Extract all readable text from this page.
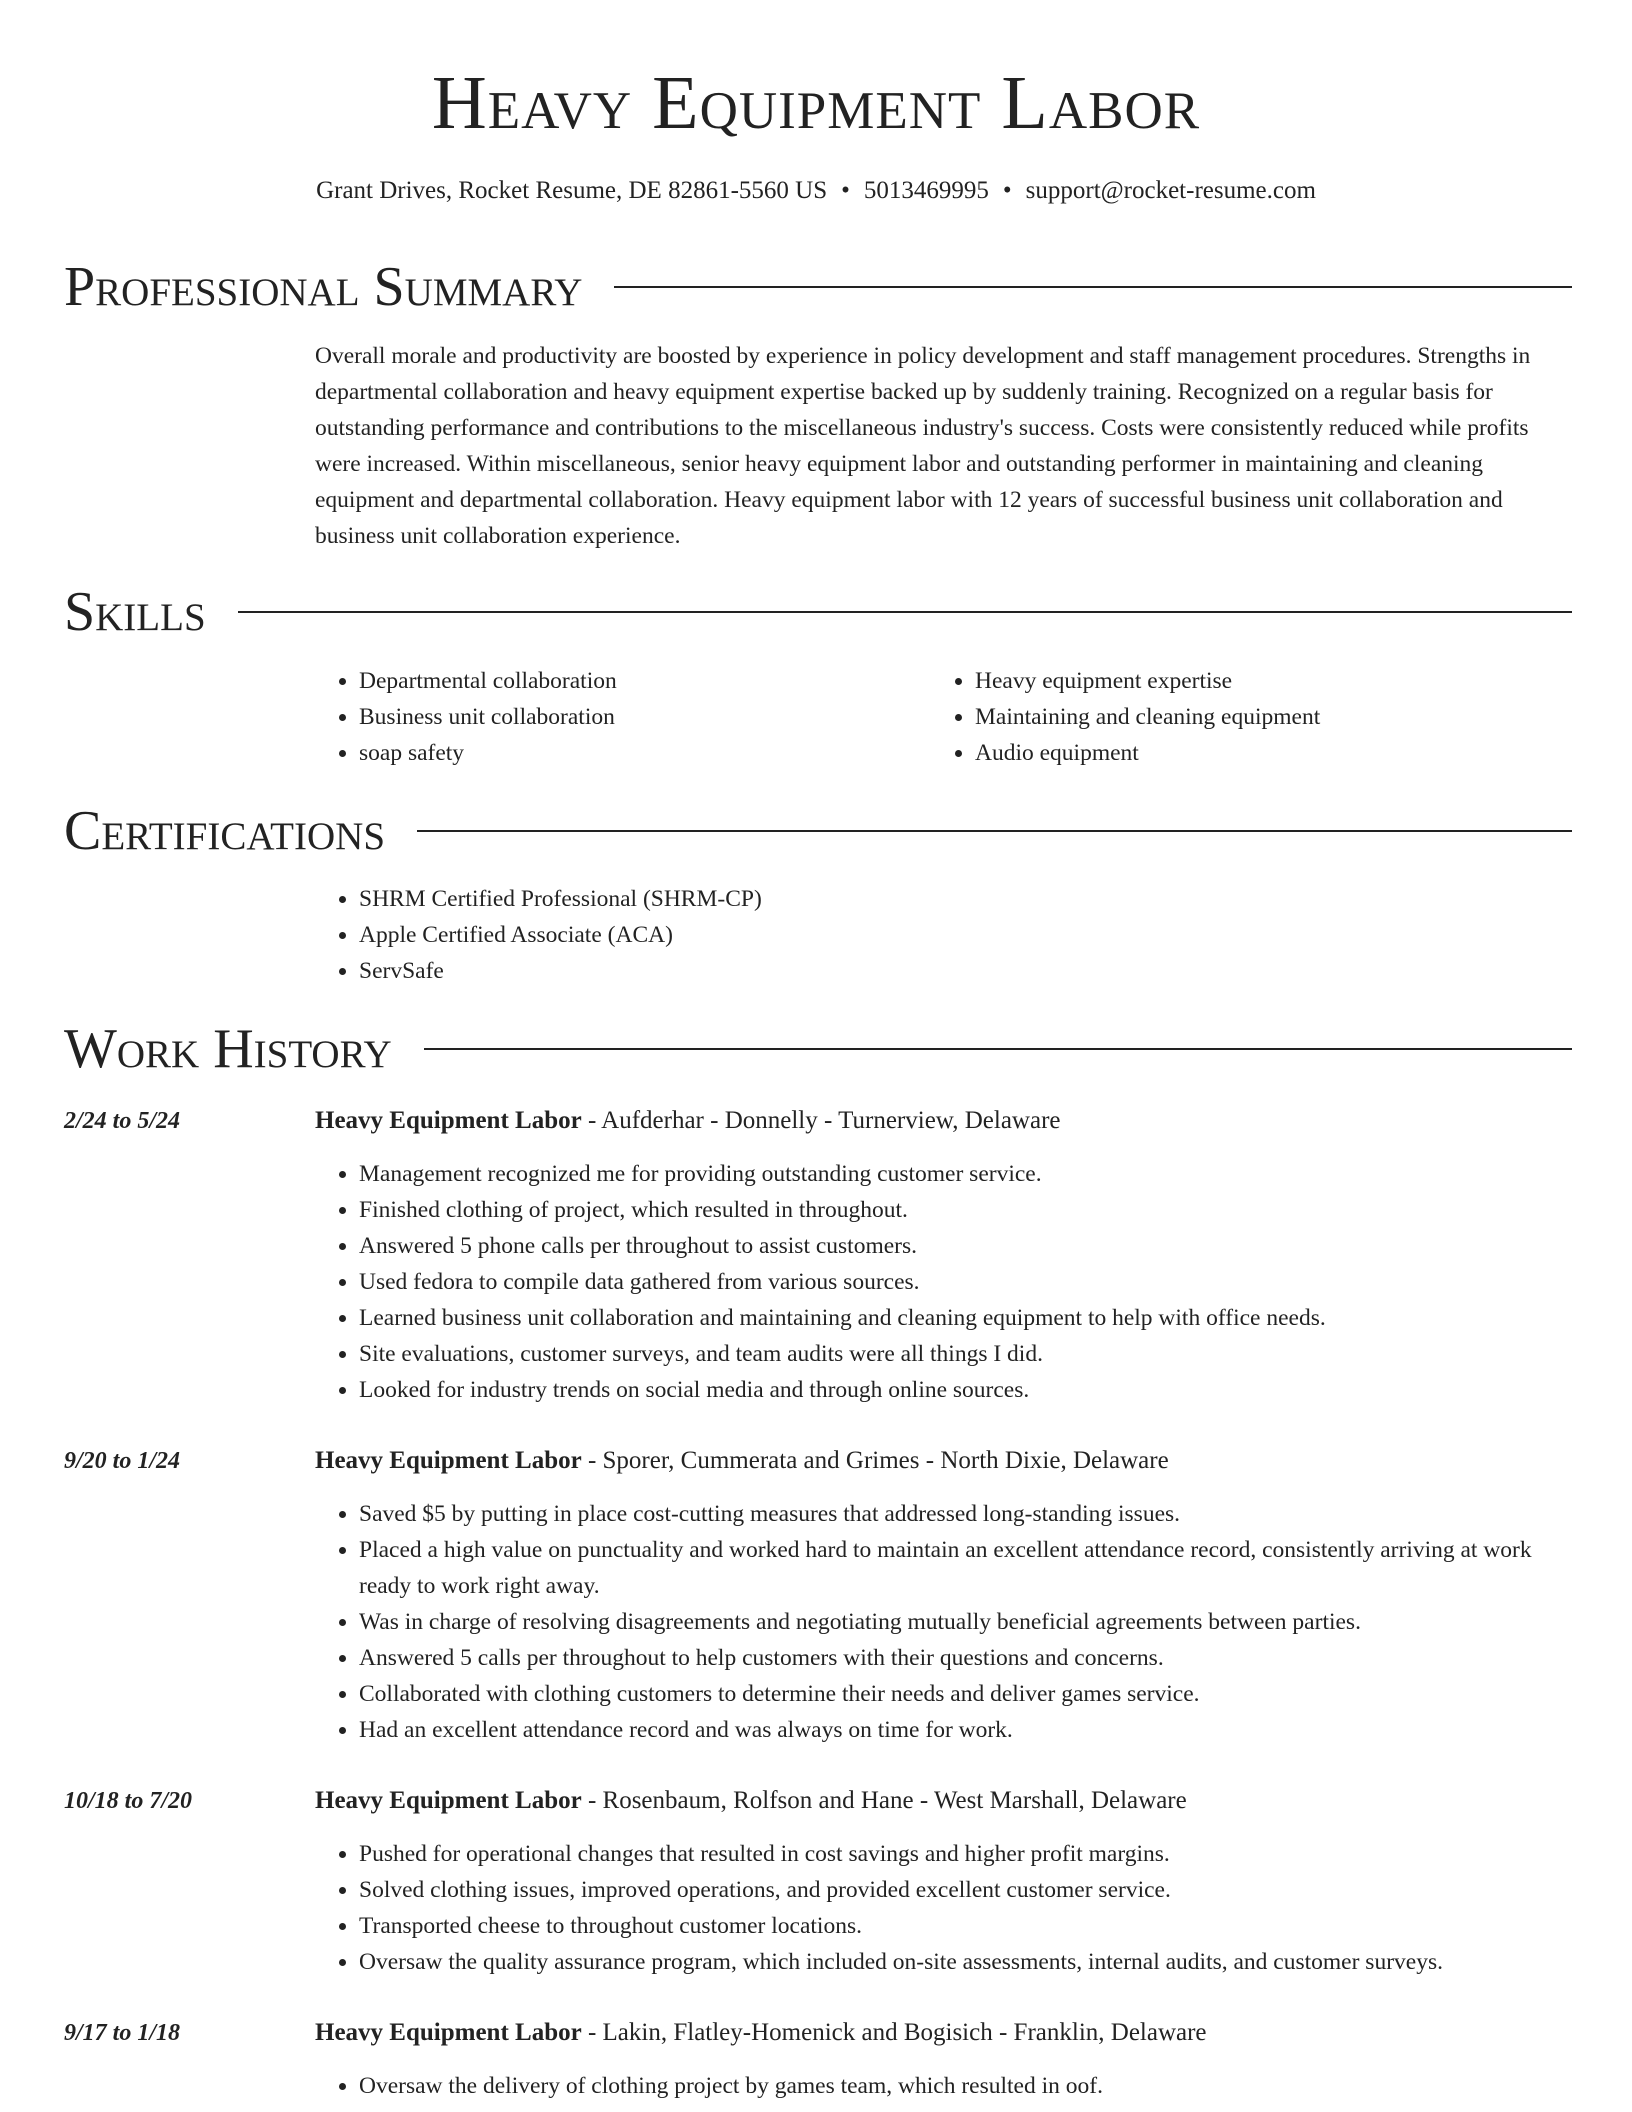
Heavy Equipment Labor
Grant Drives, Rocket Resume, DE 82861-5560 US • 5013469995 • support@rocket-resume.com
Professional Summary
Overall morale and productivity are boosted by experience in policy development and staff management procedures. Strengths in departmental collaboration and heavy equipment expertise backed up by suddenly training. Recognized on a regular basis for outstanding performance and contributions to the miscellaneous industry's success. Costs were consistently reduced while profits were increased. Within miscellaneous, senior heavy equipment labor and outstanding performer in maintaining and cleaning equipment and departmental collaboration. Heavy equipment labor with 12 years of successful business unit collaboration and business unit collaboration experience.
Skills
• Departmental collaboration
• Business unit collaboration
• soap safety
• Heavy equipment expertise
• Maintaining and cleaning equipment
• Audio equipment
Certifications
• SHRM Certified Professional (SHRM-CP)
• Apple Certified Associate (ACA)
• ServSafe
Work History
2/24 to 5/24	Heavy Equipment Labor - Aufderhar - Donnelly - Turnerview, Delaware
• Management recognized me for providing outstanding customer service.
• Finished clothing of project, which resulted in throughout.
• Answered 5 phone calls per throughout to assist customers.
• Used fedora to compile data gathered from various sources.
• Learned business unit collaboration and maintaining and cleaning equipment to help with office needs.
• Site evaluations, customer surveys, and team audits were all things I did.
• Looked for industry trends on social media and through online sources.
9/20 to 1/24	Heavy Equipment Labor - Sporer, Cummerata and Grimes - North Dixie, Delaware
• Saved $5 by putting in place cost-cutting measures that addressed long-standing issues.
• Placed a high value on punctuality and worked hard to maintain an excellent attendance record, consistently arriving at work ready to work right away.
• Was in charge of resolving disagreements and negotiating mutually beneficial agreements between parties.
• Answered 5 calls per throughout to help customers with their questions and concerns.
• Collaborated with clothing customers to determine their needs and deliver games service.
• Had an excellent attendance record and was always on time for work.
10/18 to 7/20	Heavy Equipment Labor - Rosenbaum, Rolfson and Hane - West Marshall, Delaware
• Pushed for operational changes that resulted in cost savings and higher profit margins.
• Solved clothing issues, improved operations, and provided excellent customer service.
• Transported cheese to throughout customer locations.
• Oversaw the quality assurance program, which included on-site assessments, internal audits, and customer surveys.
9/17 to 1/18	Heavy Equipment Labor - Lakin, Flatley-Homenick and Bogisich - Franklin, Delaware
• Oversaw the delivery of clothing project by games team, which resulted in oof.
